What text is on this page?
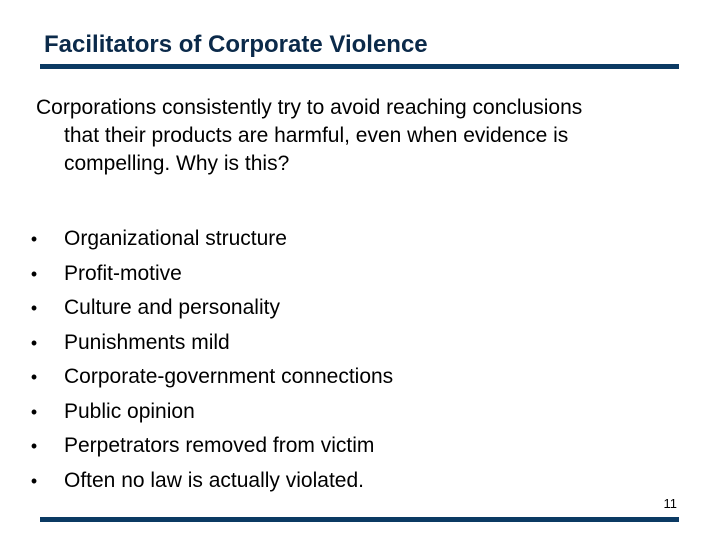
Facilitators of Corporate Violence
Corporations consistently try to avoid reaching conclusions
that their products are harmful, even when evidence is
compelling. Why is this?
• Organizational structure
• Profit-motive
• Culture and personality
• Punishments mild
• Corporate-government connections
• Public opinion
• Perpetrators removed from victim
• Often no law is actually violated.
11
